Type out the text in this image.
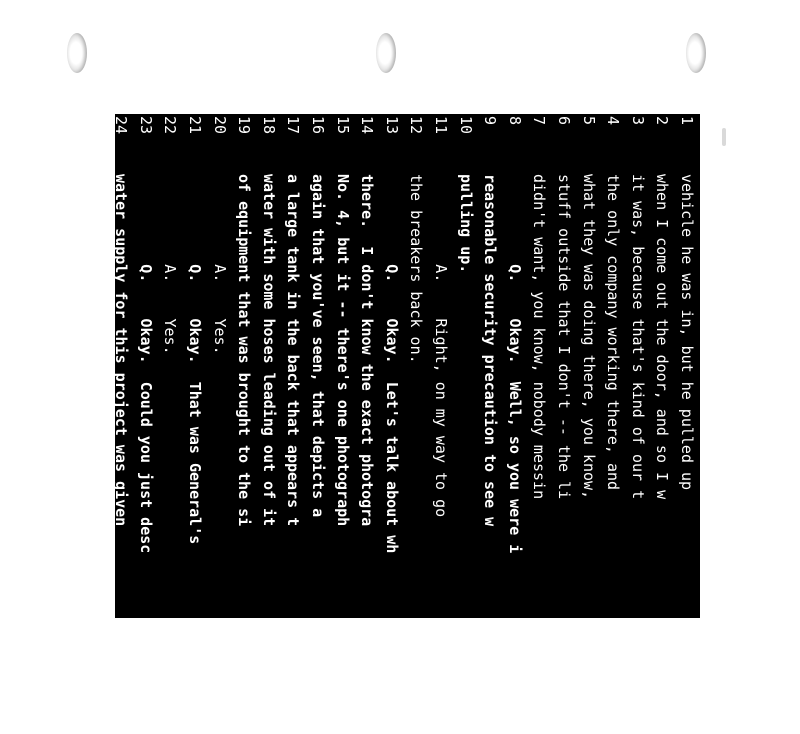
1vehicle he was in, but he pulled up
2when I come out the door, and so I w
3it was, because that's kind of our t
4the only company working there, and
5what they was doing there, you know,
6stuff outside that I don't -- the li
7didn't want, you know, nobody messin
8          Q.    Okay.  Well, so you were i
9reasonable security precaution to see w
10pulling up.
11          A.    Right, on my way to go
12the breakers back on.
13          Q.    Okay.  Let's talk about wh
14there.  I don't know the exact photogra
15No. 4, but it -- there's one photograph
16again that you've seen, that depicts a
17a large tank in the back that appears t
18water with some hoses leading out of it
19of equipment that was brought to the si
20          A.    Yes.
21          Q.    Okay.  That was General's
22          A.    Yes.
23          Q.    Okay.  Could you just desc
24water supply for this project was given
